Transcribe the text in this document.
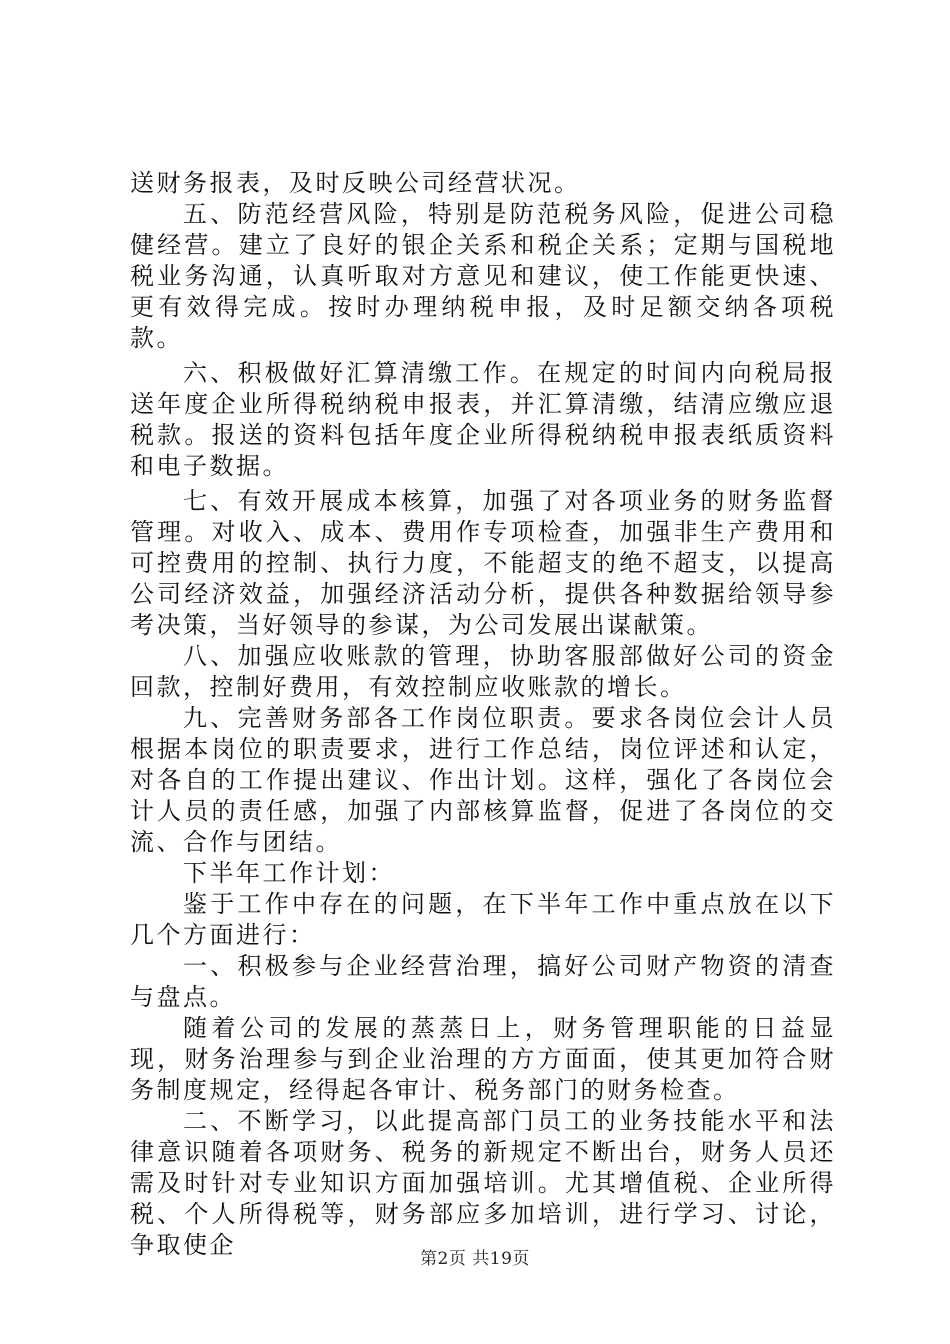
送财务报表，及时反映公司经营状况。

五、防范经营风险，特别是防范税务风险，促进公司稳健经营。建立了良好的银企关系和税企关系；定期与国税地税业务沟通，认真听取对方意见和建议，使工作能更快速、更有效得完成。按时办理纳税申报，及时足额交纳各项税款。

六、积极做好汇算清缴工作。在规定的时间内向税局报送年度企业所得税纳税申报表，并汇算清缴，结清应缴应退税款。报送的资料包括年度企业所得税纳税申报表纸质资料和电子数据。

七、有效开展成本核算，加强了对各项业务的财务监督管理。对收入、成本、费用作专项检查，加强非生产费用和可控费用的控制、执行力度，不能超支的绝不超支，以提高公司经济效益，加强经济活动分析，提供各种数据给领导参考决策，当好领导的参谋，为公司发展出谋献策。

八、加强应收账款的管理，协助客服部做好公司的资金回款，控制好费用，有效控制应收账款的增长。

九、完善财务部各工作岗位职责。要求各岗位会计人员根据本岗位的职责要求，进行工作总结，岗位评述和认定，对各自的工作提出建议、作出计划。这样，强化了各岗位会计人员的责任感，加强了内部核算监督，促进了各岗位的交流、合作与团结。

下半年工作计划：

鉴于工作中存在的问题，在下半年工作中重点放在以下几个方面进行：

一、积极参与企业经营治理，搞好公司财产物资的清查与盘点。

随着公司的发展的蒸蒸日上，财务管理职能的日益显现，财务治理参与到企业治理的方方面面，使其更加符合财务制度规定，经得起各审计、税务部门的财务检查。

二、不断学习，以此提高部门员工的业务技能水平和法律意识随着各项财务、税务的新规定不断出台，财务人员还需及时针对专业知识方面加强培训。尤其增值税、企业所得税、个人所得税等，财务部应多加培训，进行学习、讨论，争取使企	第2页 共19页
